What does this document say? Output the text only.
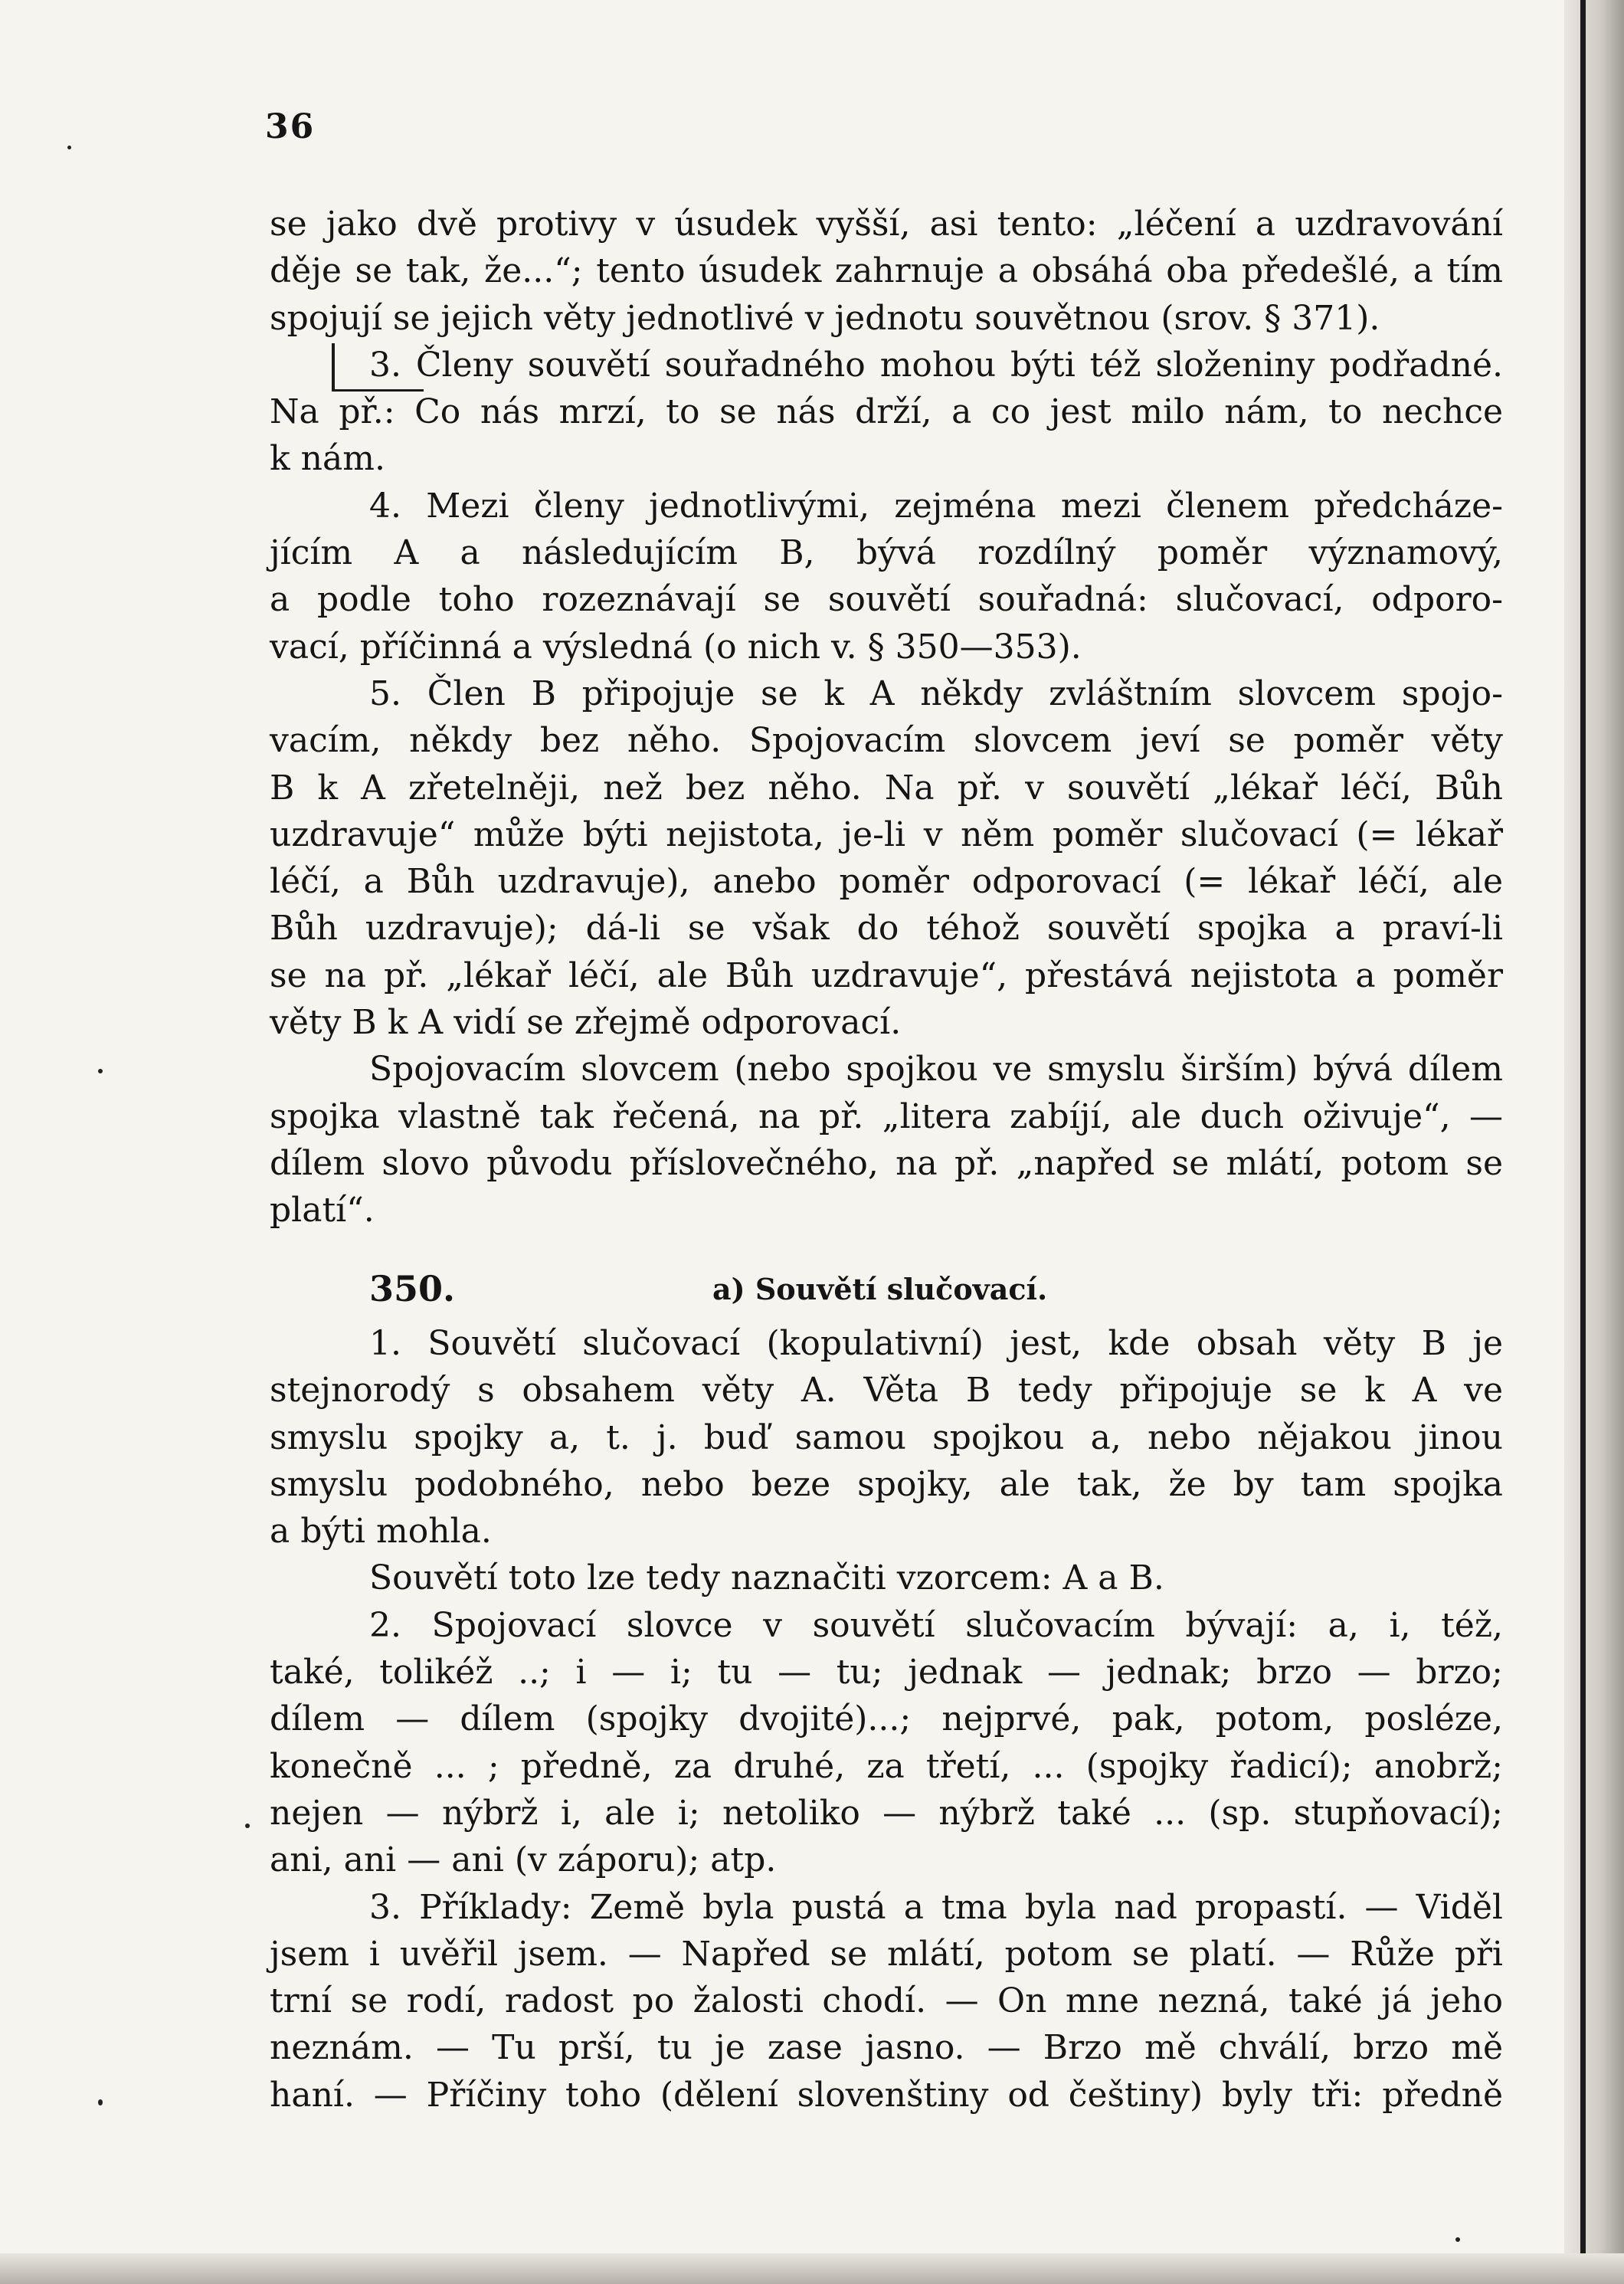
36
se jako dvě protivy v úsudek vyšší, asi tento: „léčení a uzdravování
děje se tak, že...“; tento úsudek zahrnuje a obsáhá oba předešlé, a tím
spojují se jejich věty jednotlivé v jednotu souvětnou (srov. § 371).
3. Členy souvětí souřadného mohou býti též složeniny podřadné.
Na př.: Co nás mrzí, to se nás drží, a co jest milo nám, to nechce
k nám.
4. Mezi členy jednotlivými, zejména mezi členem předcháze-
jícím A a následujícím B, bývá rozdílný poměr významový,
a podle toho rozeznávají se souvětí souřadná: slučovací, odporo-
vací, příčinná a výsledná (o nich v. § 350—353).
5. Člen B připojuje se k A někdy zvláštním slovcem spojo-
vacím, někdy bez něho. Spojovacím slovcem jeví se poměr věty
B k A zřetelněji, než bez něho. Na př. v souvětí „lékař léčí, Bůh
uzdravuje“ může býti nejistota, je-li v něm poměr slučovací (= lékař
léčí, a Bůh uzdravuje), anebo poměr odporovací (= lékař léčí, ale
Bůh uzdravuje); dá-li se však do téhož souvětí spojka a praví-li
se na př. „lékař léčí, ale Bůh uzdravuje“, přestává nejistota a poměr
věty B k A vidí se zřejmě odporovací.
Spojovacím slovcem (nebo spojkou ve smyslu širším) bývá dílem
spojka vlastně tak řečená, na př. „litera zabíjí, ale duch oživuje“, —
dílem slovo původu příslovečného, na př. „napřed se mlátí, potom se
platí“.
350.	a) Souvětí slučovací.
1. Souvětí slučovací (kopulativní) jest, kde obsah věty B je
stejnorodý s obsahem věty A. Věta B tedy připojuje se k A ve
smyslu spojky a, t. j. buď samou spojkou a, nebo nějakou jinou
smyslu podobného, nebo beze spojky, ale tak, že by tam spojka
a býti mohla.
Souvětí toto lze tedy naznačiti vzorcem: A a B.
2. Spojovací slovce v souvětí slučovacím bývají: a, i, též,
také, tolikéž ..; i — i; tu — tu; jednak — jednak; brzo — brzo;
dílem — dílem (spojky dvojité)...; nejprvé, pak, potom, posléze,
konečně ... ; předně, za druhé, za třetí, ... (spojky řadicí); anobrž;
nejen — nýbrž i, ale i; netoliko — nýbrž také ... (sp. stupňovací);
ani, ani — ani (v záporu); atp.
3. Příklady: Země byla pustá a tma byla nad propastí. — Viděl
jsem i uvěřil jsem. — Napřed se mlátí, potom se platí. — Růže při
trní se rodí, radost po žalosti chodí. — On mne nezná, také já jeho
neznám. — Tu prší, tu je zase jasno. — Brzo mě chválí, brzo mě
haní. — Příčiny toho (dělení slovenštiny od češtiny) byly tři: předně
